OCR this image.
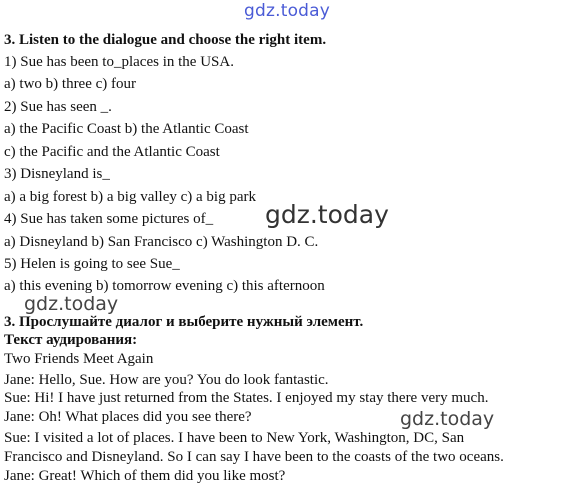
gdz.today
3. Listen to the dialogue and choose the right item.
1) Sue has been to_places in the USA.
a) two b) three c) four
2) Sue has seen _.
a) the Pacific Coast b) the Atlantic Coast
c) the Pacific and the Atlantic Coast
3) Disneyland is_
a) a big forest b) a big valley c) a big park
4) Sue has taken some pictures of_
a) Disneyland b) San Francisco c) Washington D. C.
5) Helen is going to see Sue_
a) this evening b) tomorrow evening c) this afternoon
gdz.today
gdz.today
3. Прослушайте диалог и выберите нужный элемент.
Текст аудирования:
Two Friends Meet Again
Jane: Hello, Sue. How are you? You do look fantastic.
Sue: Hi! I have just returned from the States. I enjoyed my stay there very much.
Jane: Oh! What places did you see there?	gdz.today
Sue: I visited a lot of places. I have been to New York, Washington, DC, San
Francisco and Disneyland. So I can say I have been to the coasts of the two oceans.
Jane: Great! Which of them did you like most?
